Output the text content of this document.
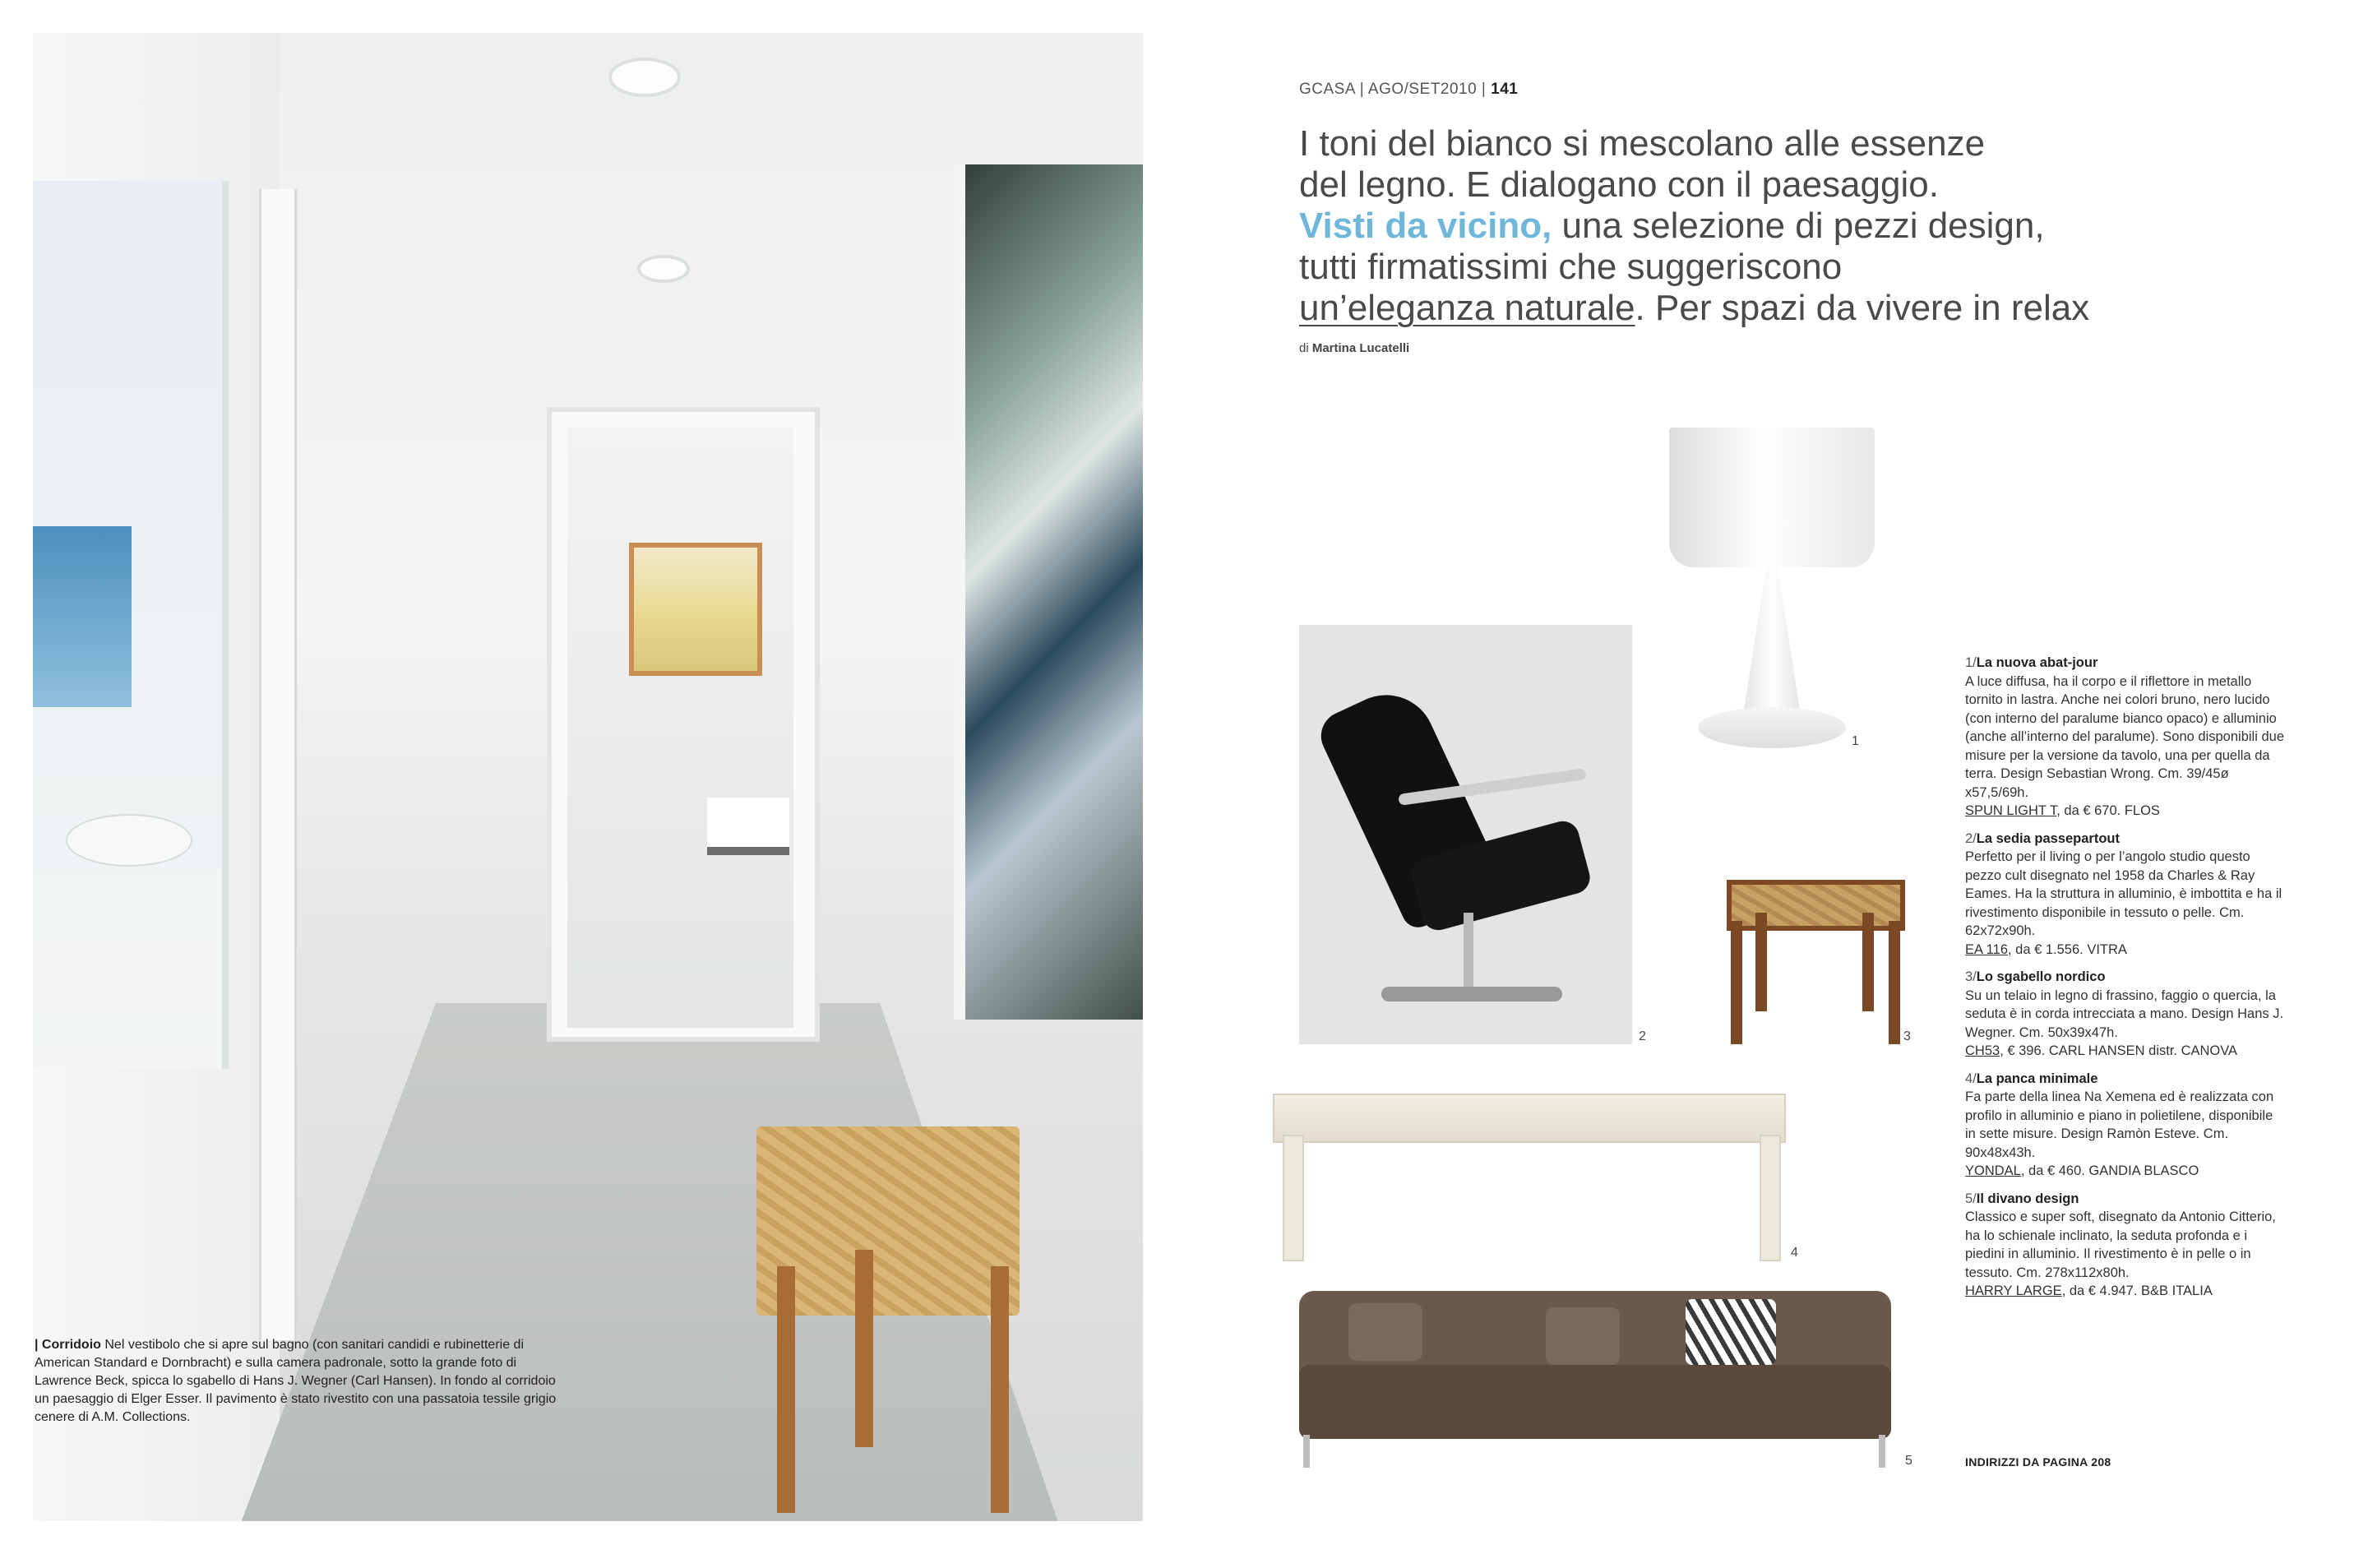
| Corridoio Nel vestibolo che si apre sul bagno (con sanitari candidi e rubinetterie di American Standard e Dornbracht) e sulla camera padronale, sotto la grande foto di Lawrence Beck, spicca lo sgabello di Hans J. Wegner (Carl Hansen). In fondo al corridoio un paesaggio di Elger Esser. Il pavimento è stato rivestito con una passatoia tessile grigio cenere di A.M. Collections.
GCASA | AGO/SET2010 | 141
I toni del bianco si mescolano alle essenze
del legno. E dialogano con il paesaggio.
Visti da vicino, una selezione di pezzi design,
tutti firmatissimi che suggeriscono
un’eleganza naturale. Per spazi da vivere in relax
di Martina Lucatelli
1
2	3
4
5
1/La nuova abat-jour
A luce diffusa, ha il corpo e il riflettore in metallo tornito in lastra. Anche nei colori bruno, nero lucido (con interno del paralume bianco opaco) e alluminio (anche all’interno del paralume). Sono disponibili due misure per la versione da tavolo, una per quella da terra. Design Sebastian Wrong. Cm. 39/45ø x57,5/69h.
SPUN LIGHT T, da € 670. FLOS
2/La sedia passepartout
Perfetto per il living o per l’angolo studio questo pezzo cult disegnato nel 1958 da Charles & Ray Eames. Ha la struttura in alluminio, è imbottita e ha il rivestimento disponibile in tessuto o pelle. Cm. 62x72x90h.
EA 116, da € 1.556. VITRA
3/Lo sgabello nordico
Su un telaio in legno di frassino, faggio o quercia, la seduta è in corda intrecciata a mano. Design Hans J. Wegner. Cm. 50x39x47h.
CH53, € 396. CARL HANSEN distr. CANOVA
4/La panca minimale
Fa parte della linea Na Xemena ed è realizzata con profilo in alluminio e piano in polietilene, disponibile in sette misure. Design Ramòn Esteve. Cm. 90x48x43h.
YONDAL, da € 460. GANDIA BLASCO
5/Il divano design
Classico e super soft, disegnato da Antonio Citterio, ha lo schienale inclinato, la seduta profonda e i piedini in alluminio. Il rivestimento è in pelle o in tessuto. Cm. 278x112x80h.
HARRY LARGE, da € 4.947. B&B ITALIA
INDIRIZZI DA PAGINA 208
